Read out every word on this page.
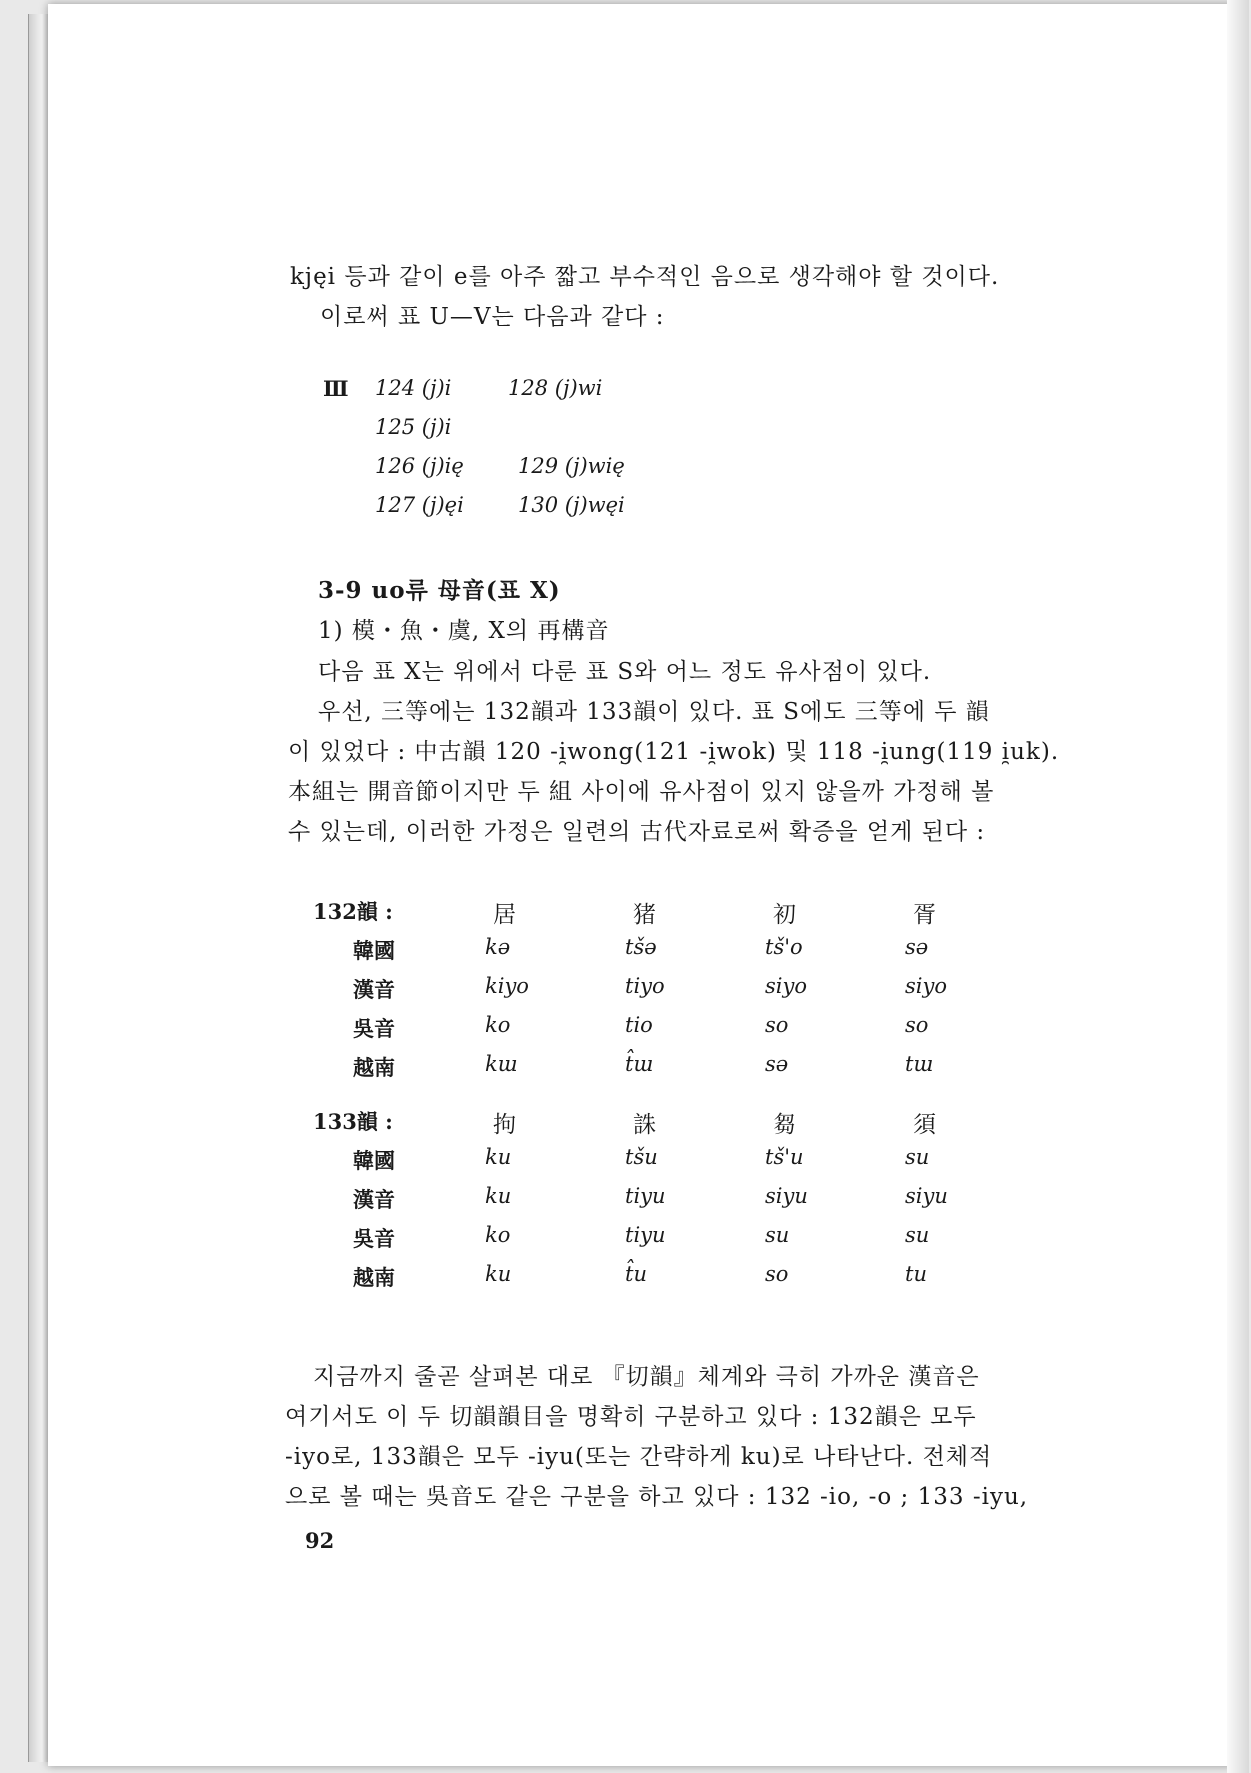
kjęi 등과 같이 e를 아주 짧고 부수적인 음으로 생각해야 할 것이다.
이로써 표 U—V는 다음과 같다 :
Ⅲ 124 (j)i	128 (j)wi
125 (j)i
126 (j)ię	129 (j)wię
127 (j)ęi	130 (j)węi
3-9 uo류 母音(표 X)
1) 模・魚・虞, X의 再構音
다음 표 X는 위에서 다룬 표 S와 어느 정도 유사점이 있다.
우선, 三等에는 132韻과 133韻이 있다. 표 S에도 三等에 두 韻
이 있었다 : 中古韻 120 -i̯wong(121 -i̯wok) 및 118 -i̯ung(119 i̯uk).
本組는 開音節이지만 두 組 사이에 유사점이 있지 않을까 가정해 볼
수 있는데, 이러한 가정은 일련의 古代자료로써 확증을 얻게 된다 :
132韻 :	居	猪	初	胥
韓國	kə	tšə	tš'o	sə
漢音	kiyo	tiyo	siyo	siyo
吳音	ko	tio	so	so
越南	kɯ	t̂ɯ	sə	tɯ
133韻 :	拘	誅	芻	須
韓國	ku	tšu	tš'u	su
漢音	ku	tiyu	siyu	siyu
吳音	ko	tiyu	su	su
越南	ku	t̂u	so	tu
지금까지 줄곧 살펴본 대로 『切韻』체계와 극히 가까운 漢音은
여기서도 이 두 切韻韻目을 명확히 구분하고 있다 : 132韻은 모두
-iyo로, 133韻은 모두 -iyu(또는 간략하게 ku)로 나타난다. 전체적
으로 볼 때는 吳音도 같은 구분을 하고 있다 : 132 -io, -o ; 133 -iyu,
92
